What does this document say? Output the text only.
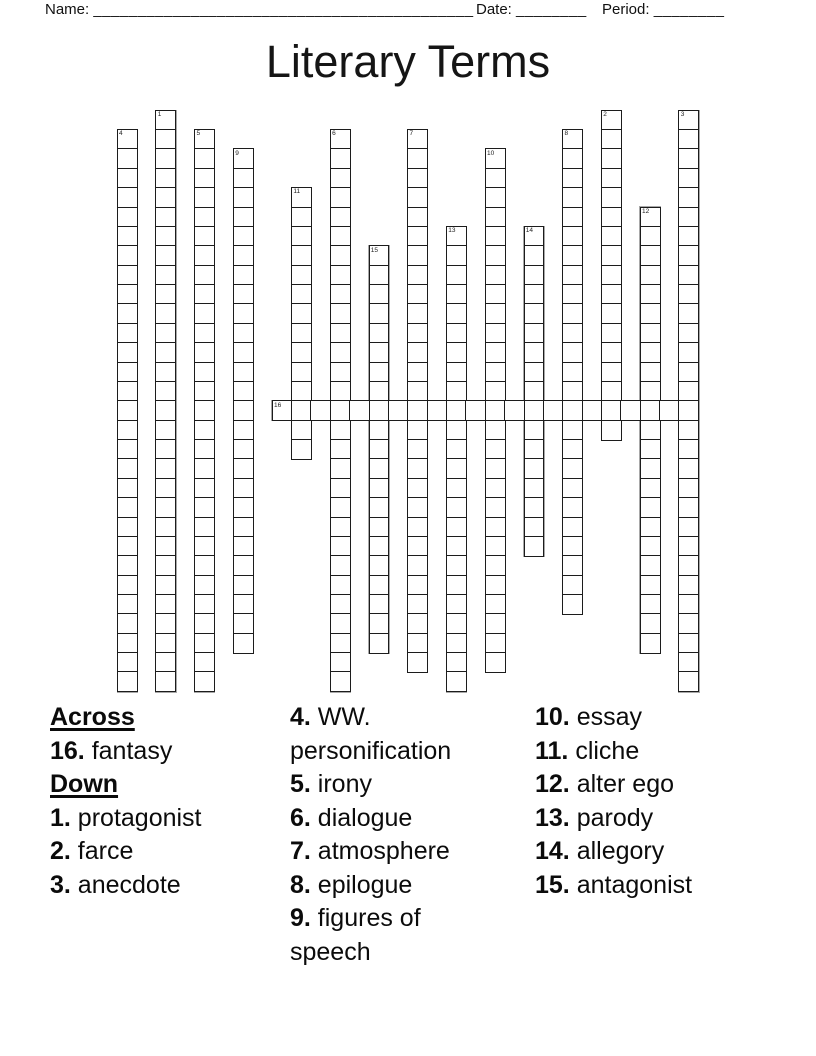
Name: ___________________________________________ Date: ________ Period: ________
Literary Terms
1	2	3
4	5	6	7	8
9	10
11
12
13	14
15
16
Across
16. fantasy
Down
1. protagonist
2. farce
3. anecdote
4. WW. personification
5. irony
6. dialogue
7. atmosphere
8. epilogue
9. figures of speech
10. essay
11. cliche
12. alter ego
13. parody
14. allegory
15. antagonist
